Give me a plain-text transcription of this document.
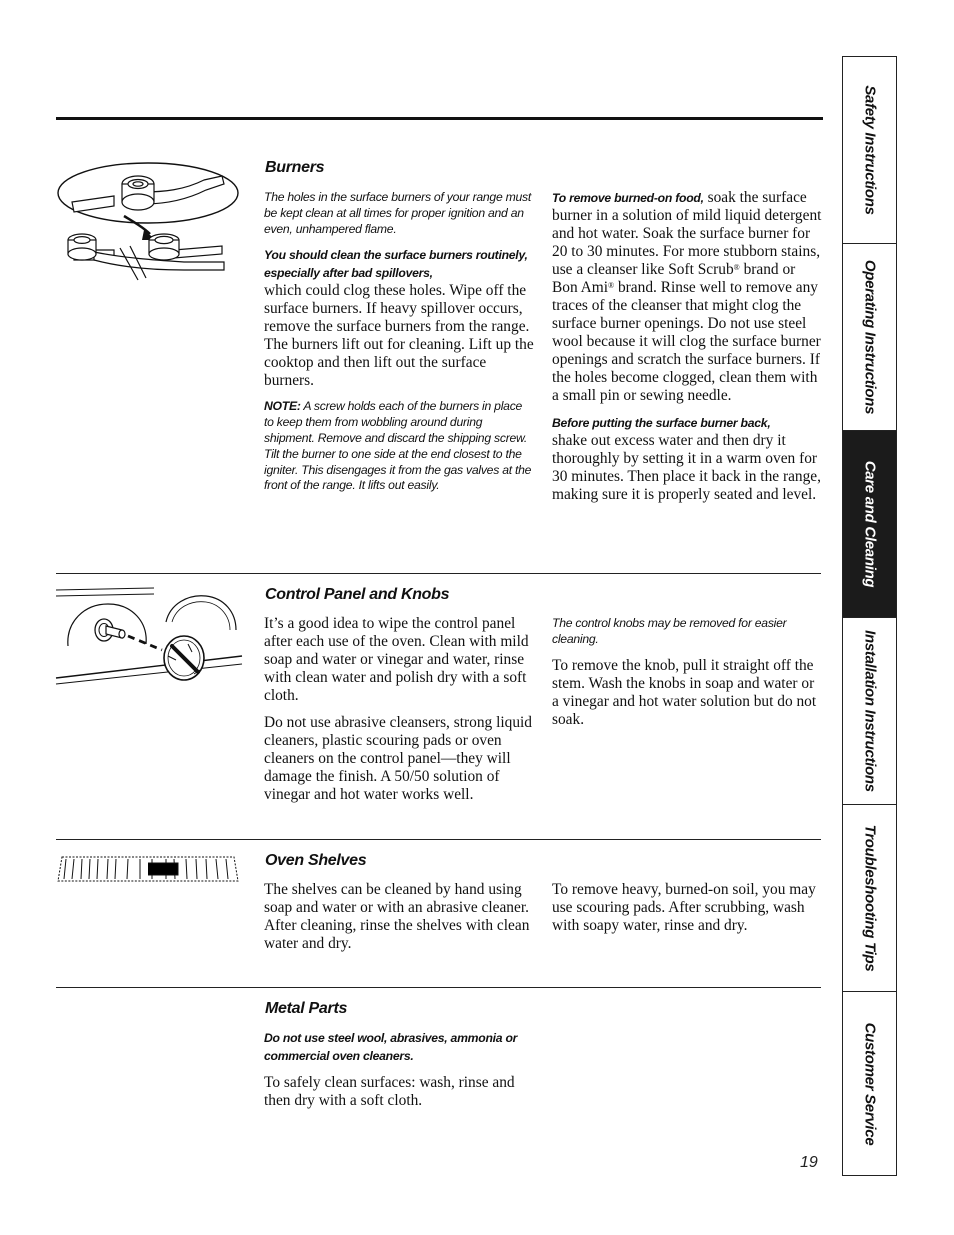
Burners

The holes in the surface burners of your range must be kept clean at all times for proper ignition and an even, unhampered flame.

You should clean the surface burners routinely, especially after bad spillovers,

which could clog these holes. Wipe off the surface burners. If heavy spillover occurs, remove the surface burners from the range. The burners lift out for cleaning. Lift up the cooktop and then lift out the surface burners.

NOTE: A screw holds each of the burners in place to keep them from wobbling around during shipment. Remove and discard the shipping screw. Tilt the burner to one side at the end closest to the igniter. This disengages it from the gas valves at the front of the range. It lifts out easily.

To remove burned-on food, soak the surface burner in a solution of mild liquid detergent and hot water. Soak the surface burner for 20 to 30 minutes. For more stubborn stains, use a cleanser like Soft Scrub® brand or Bon Ami® brand. Rinse well to remove any traces of the cleanser that might clog the surface burner openings. Do not use steel wool because it will clog the surface burner openings and scratch the surface burners. If the holes become clogged, clean them with a small pin or sewing needle.

Before putting the surface burner back,
shake out excess water and then dry it thoroughly by setting it in a warm oven for 30 minutes. Then place it back in the range, making sure it is properly seated and level.

Control Panel and Knobs

It’s a good idea to wipe the control panel after each use of the oven. Clean with mild soap and water or vinegar and water, rinse with clean water and polish dry with a soft cloth.

Do not use abrasive cleansers, strong liquid cleaners, plastic scouring pads or oven cleaners on the control panel—they will damage the finish. A 50/50 solution of vinegar and hot water works well.

The control knobs may be removed for easier cleaning.

To remove the knob, pull it straight off the stem. Wash the knobs in soap and water or a vinegar and hot water solution but do not soak.

Oven Shelves

The shelves can be cleaned by hand using soap and water or with an abrasive cleaner. After cleaning, rinse the shelves with clean water and dry.

To remove heavy, burned-on soil, you may use scouring pads. After scrubbing, wash with soapy water, rinse and dry.

Metal Parts

Do not use steel wool, abrasives, ammonia or commercial oven cleaners.

To safely clean surfaces: wash, rinse and then dry with a soft cloth.

19
Safety Instructions
Operating Instructions
Care and Cleaning
Installation Instructions
Troubleshooting Tips
Customer Service
